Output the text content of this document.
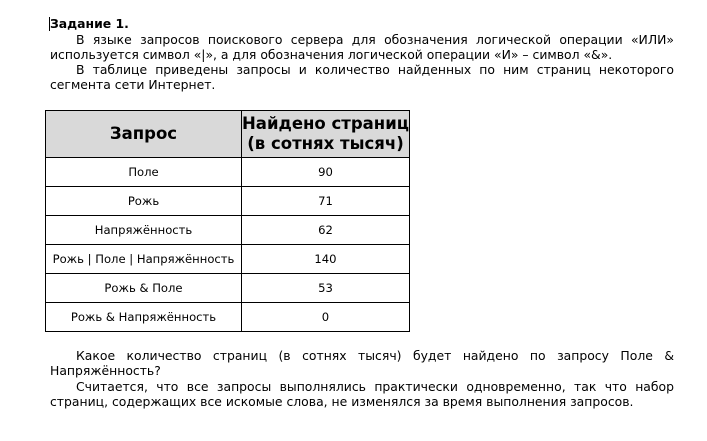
Задание 1.

В языке запросов поискового сервера для обозначения логической операции «ИЛИ» используется символ «|», а для обозначения логической операции «И» – символ «&».

В таблице приведены запросы и количество найденных по ним страниц некоторого сегмента сети Интернет.

Запрос	Найдено страниц
(в сотнях тысяч)
Поле	90
Рожь	71
Напряжённость	62
Рожь | Поле | Напряжённость	140
Рожь & Поле	53
Рожь & Напряжённость	0

Какое количество страниц (в сотнях тысяч) будет найдено по запросу Поле & Напряжённость?

Считается, что все запросы выполнялись практически одновременно, так что набор страниц, содержащих все искомые слова, не изменялся за время выполнения запросов.
